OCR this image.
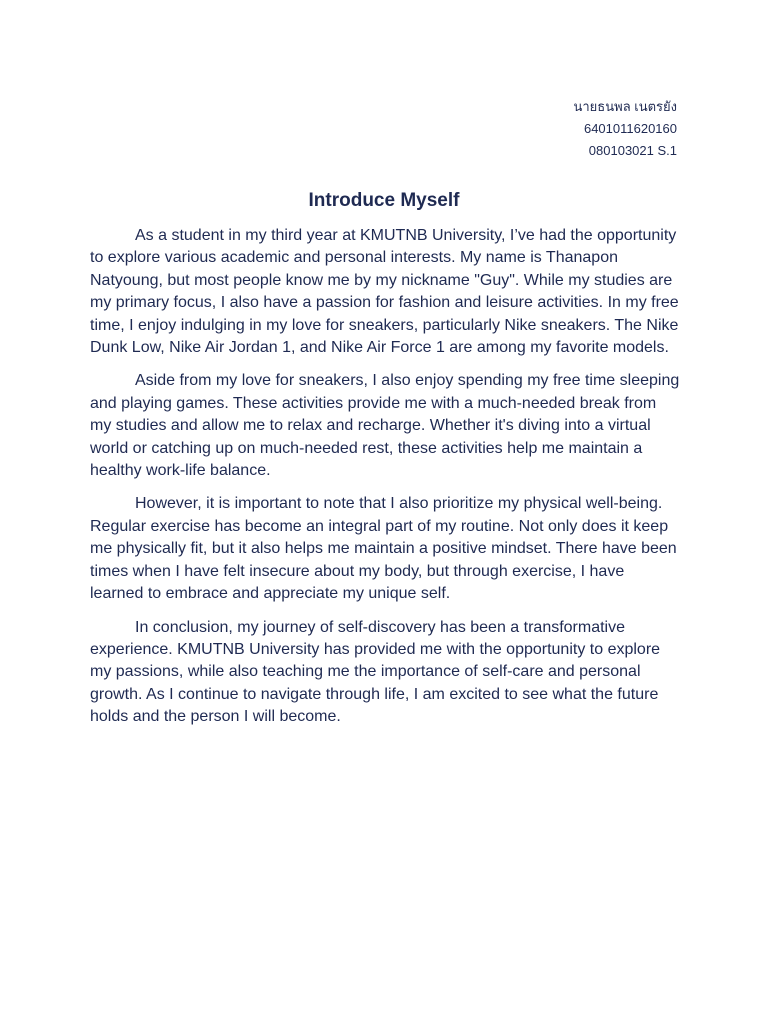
นายธนพล เนตรยัง
6401011620160
080103021 S.1
Introduce Myself

As a student in my third year at KMUTNB University, I’ve had the opportunity to explore various academic and personal interests. My name is Thanapon Natyoung, but most people know me by my nickname "Guy". While my studies are my primary focus, I also have a passion for fashion and leisure activities. In my free time, I enjoy indulging in my love for sneakers, particularly Nike sneakers. The Nike Dunk Low, Nike Air Jordan 1, and Nike Air Force 1 are among my favorite models.

Aside from my love for sneakers, I also enjoy spending my free time sleeping and playing games. These activities provide me with a much-needed break from my studies and allow me to relax and recharge. Whether it's diving into a virtual world or catching up on much-needed rest, these activities help me maintain a healthy work-life balance.

However, it is important to note that I also prioritize my physical well-being. Regular exercise has become an integral part of my routine. Not only does it keep me physically fit, but it also helps me maintain a positive mindset. There have been times when I have felt insecure about my body, but through exercise, I have learned to embrace and appreciate my unique self.

In conclusion, my journey of self-discovery has been a transformative experience. KMUTNB University has provided me with the opportunity to explore my passions, while also teaching me the importance of self-care and personal growth. As I continue to navigate through life, I am excited to see what the future holds and the person I will become.
